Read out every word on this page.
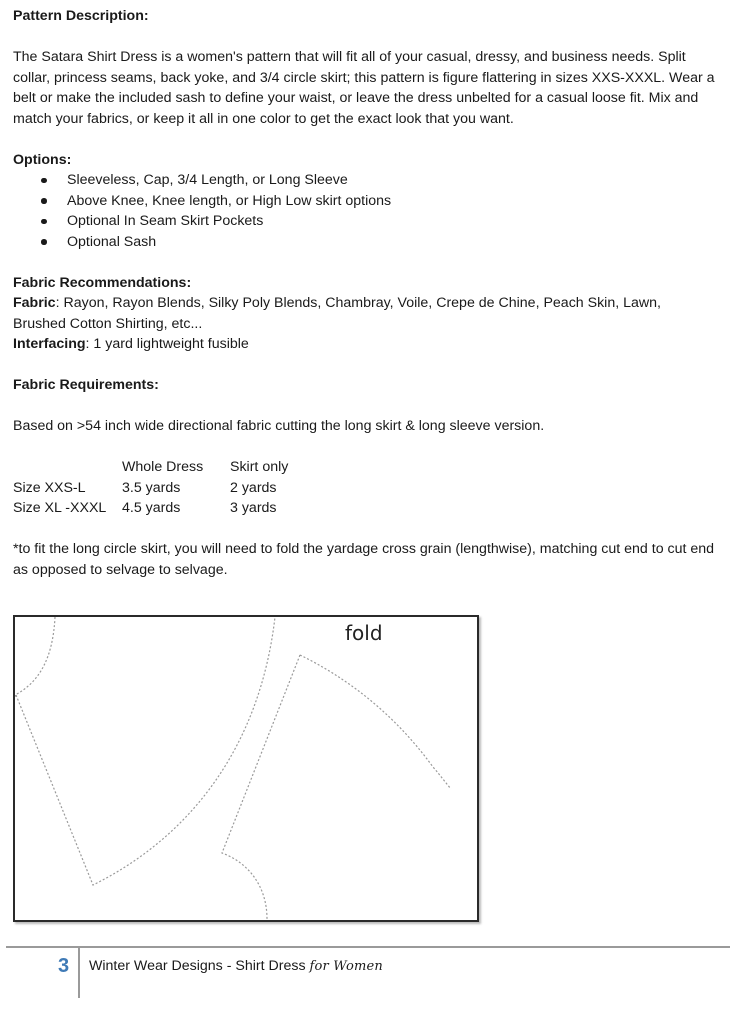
Pattern Description:

The Satara Shirt Dress is a women's pattern that will fit all of your casual, dressy, and business needs. Split collar, princess seams, back yoke, and 3/4 circle skirt; this pattern is figure flattering in sizes XXS-XXXL. Wear a belt or make the included sash to define your waist, or leave the dress unbelted for a casual loose fit. Mix and match your fabrics, or keep it all in one color to get the exact look that you want.

Options:

Sleeveless, Cap, 3/4 Length, or Long Sleeve
Above Knee, Knee length, or High Low skirt options
Optional In Seam Skirt Pockets
Optional Sash

Fabric Recommendations:

Fabric: Rayon, Rayon Blends, Silky Poly Blends, Chambray, Voile, Crepe de Chine, Peach Skin, Lawn, Brushed Cotton Shirting, etc...

Interfacing: 1 yard lightweight fusible

Fabric Requirements:

Based on >54 inch wide directional fabric cutting the long skirt & long sleeve version.

	Whole Dress	Skirt only
Size XXS-L	3.5 yards	2 yards
Size XL -XXXL	4.5 yards	3 yards

*to fit the long circle skirt, you will need to fold the yardage cross grain (lengthwise), matching cut end to cut end as opposed to selvage to selvage.

fold
3 Winter Wear Designs - Shirt Dress for Women
